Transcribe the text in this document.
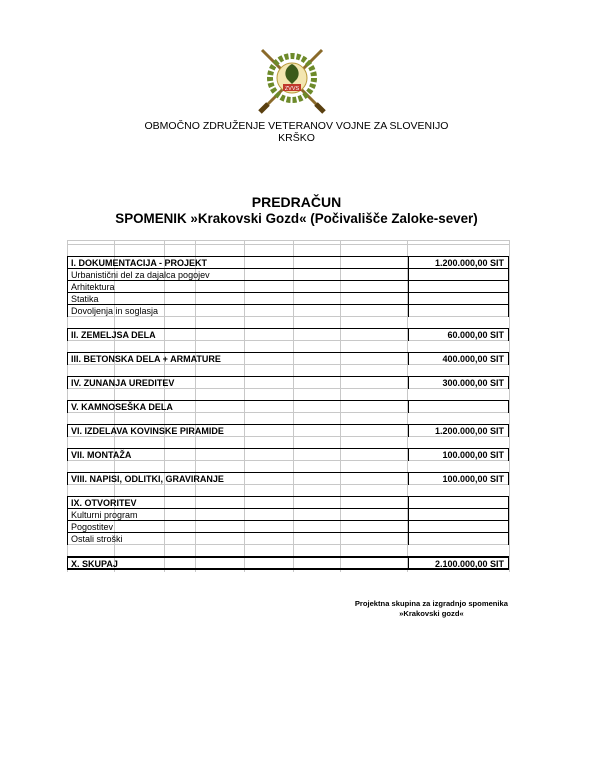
ZVVS
OBMOČNO ZDRUŽENJE VETERANOV VOJNE ZA SLOVENIJO
KRŠKO
PREDRAČUN
SPOMENIK »Krakovski Gozd« (Počivališče Zaloke-sever)
I. DOKUMENTACIJA - PROJEKT	1.200.000,00 SIT
Urbanistični del za dajalca pogojev
Arhitektura
Statika
Dovoljenja in soglasja
II. ZEMELJSA DELA	60.000,00 SIT
III. BETONSKA DELA + ARMATURE	400.000,00 SIT
IV. ZUNANJA UREDITEV	300.000,00 SIT
V. KAMNOSEŠKA DELA
VI. IZDELAVA KOVINSKE PIRAMIDE	1.200.000,00 SIT
VII. MONTAŽA	100.000,00 SIT
VIII. NAPISI, ODLITKI, GRAVIRANJE	100.000,00 SIT
IX. OTVORITEV
Kulturni program
Pogostitev
Ostali stroški
X. SKUPAJ	2.100.000,00 SIT
Projektna skupina za izgradnjo spomenika
»Krakovski gozd«
